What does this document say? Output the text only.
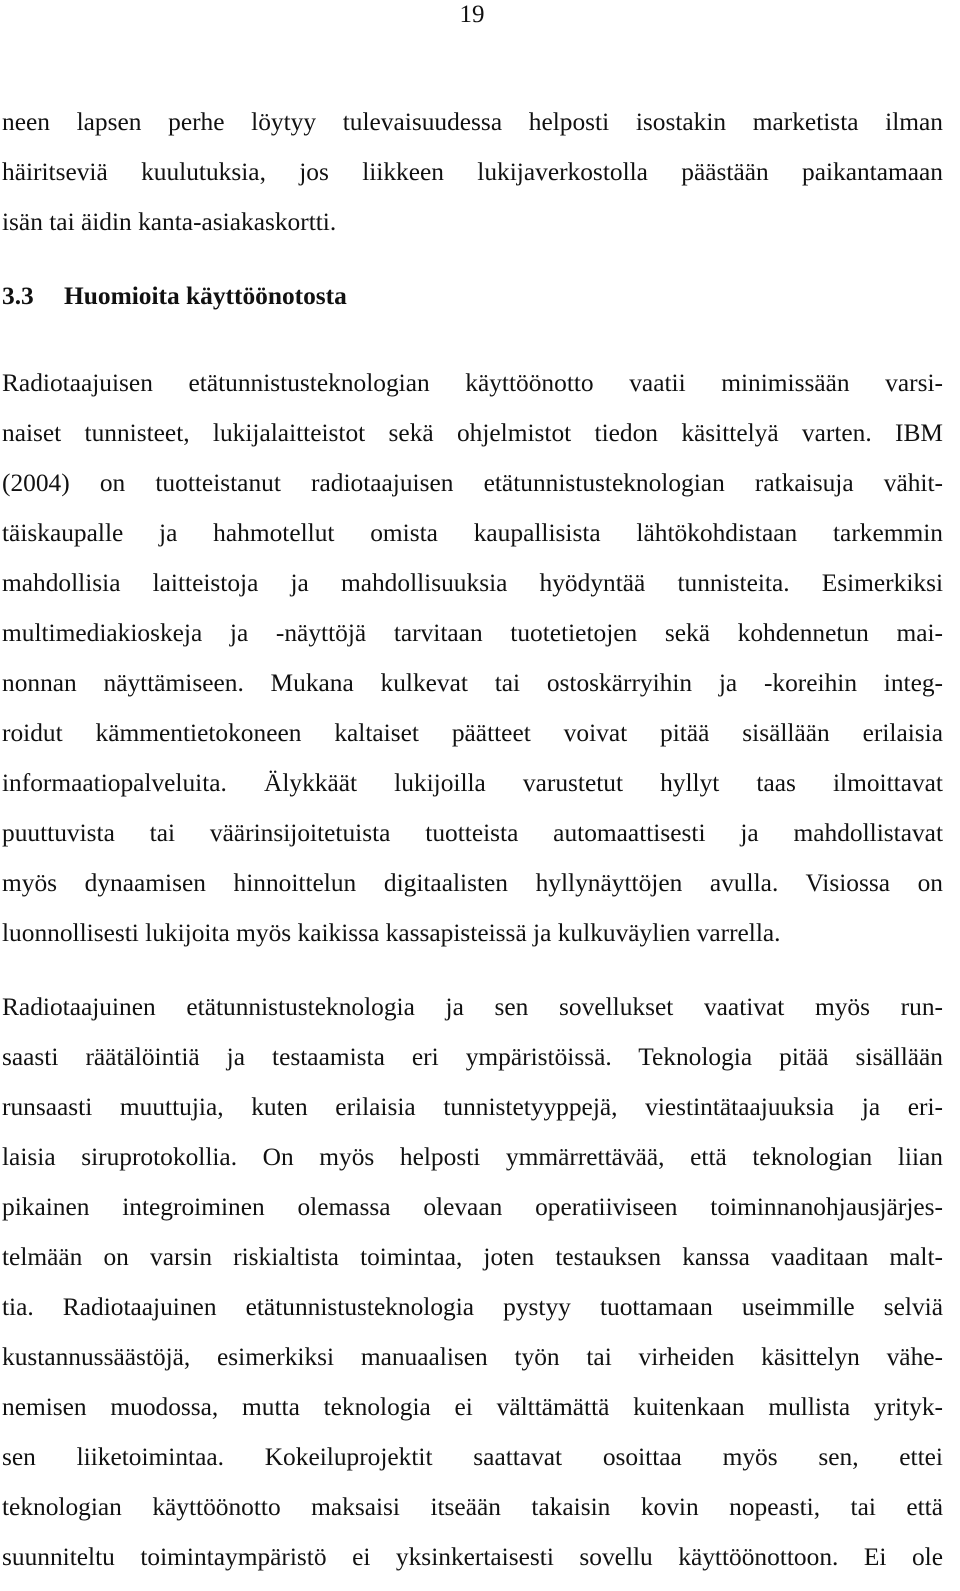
19
neen lapsen perhe löytyy tulevaisuudessa helposti isostakin marketista ilman
häiritseviä kuulutuksia, jos liikkeen lukijaverkostolla päästään paikantamaan
isän tai äidin kanta-asiakaskortti.
3.3 Huomioita käyttöönotosta
Radiotaajuisen etätunnistusteknologian käyttöönotto vaatii minimissään varsi-
naiset tunnisteet, lukijalaitteistot sekä ohjelmistot tiedon käsittelyä varten. IBM
(2004) on tuotteistanut radiotaajuisen etätunnistusteknologian ratkaisuja vähit-
täiskaupalle ja hahmotellut omista kaupallisista lähtökohdistaan tarkemmin
mahdollisia laitteistoja ja mahdollisuuksia hyödyntää tunnisteita. Esimerkiksi
multimediakioskeja ja -näyttöjä tarvitaan tuotetietojen sekä kohdennetun mai-
nonnan näyttämiseen. Mukana kulkevat tai ostoskärryihin ja -koreihin integ-
roidut kämmentietokoneen kaltaiset päätteet voivat pitää sisällään erilaisia
informaatiopalveluita. Älykkäät lukijoilla varustetut hyllyt taas ilmoittavat
puuttuvista tai väärinsijoitetuista tuotteista automaattisesti ja mahdollistavat
myös dynaamisen hinnoittelun digitaalisten hyllynäyttöjen avulla. Visiossa on
luonnollisesti lukijoita myös kaikissa kassapisteissä ja kulkuväylien varrella.
Radiotaajuinen etätunnistusteknologia ja sen sovellukset vaativat myös run-
saasti räätälöintiä ja testaamista eri ympäristöissä. Teknologia pitää sisällään
runsaasti muuttujia, kuten erilaisia tunnistetyyppejä, viestintätaajuuksia ja eri-
laisia siruprotokollia. On myös helposti ymmärrettävää, että teknologian liian
pikainen integroiminen olemassa olevaan operatiiviseen toiminnanohjausjärjes-
telmään on varsin riskialtista toimintaa, joten testauksen kanssa vaaditaan malt-
tia. Radiotaajuinen etätunnistusteknologia pystyy tuottamaan useimmille selviä
kustannussäästöjä, esimerkiksi manuaalisen työn tai virheiden käsittelyn vähe-
nemisen muodossa, mutta teknologia ei välttämättä kuitenkaan mullista yrityk-
sen liiketoimintaa. Kokeiluprojektit saattavat osoittaa myös sen, ettei
teknologian käyttöönotto maksaisi itseään takaisin kovin nopeasti, tai että
suunniteltu toimintaympäristö ei yksinkertaisesti sovellu käyttöönottoon. Ei ole
